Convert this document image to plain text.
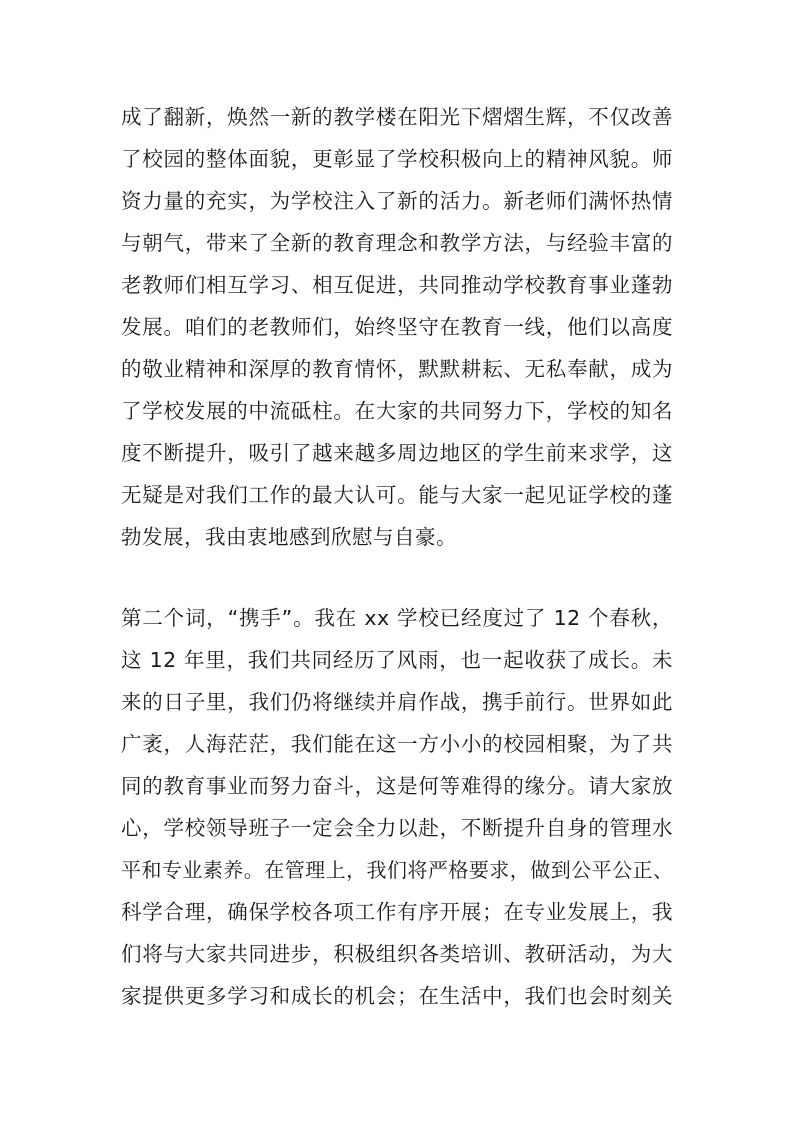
成了翻新，焕然一新的教学楼在阳光下熠熠生辉，不仅改善
了校园的整体面貌，更彰显了学校积极向上的精神风貌。师
资力量的充实，为学校注入了新的活力。新老师们满怀热情
与朝气，带来了全新的教育理念和教学方法，与经验丰富的
老教师们相互学习、相互促进，共同推动学校教育事业蓬勃
发展。咱们的老教师们，始终坚守在教育一线，他们以高度
的敬业精神和深厚的教育情怀，默默耕耘、无私奉献，成为
了学校发展的中流砥柱。在大家的共同努力下，学校的知名
度不断提升，吸引了越来越多周边地区的学生前来求学，这
无疑是对我们工作的最大认可。能与大家一起见证学校的蓬
勃发展，我由衷地感到欣慰与自豪。
第二个词，“携手”。我在 xx 学校已经度过了 12 个春秋，
这 12 年里，我们共同经历了风雨，也一起收获了成长。未
来的日子里，我们仍将继续并肩作战，携手前行。世界如此
广袤，人海茫茫，我们能在这一方小小的校园相聚，为了共
同的教育事业而努力奋斗，这是何等难得的缘分。请大家放
心，学校领导班子一定会全力以赴，不断提升自身的管理水
平和专业素养。在管理上，我们将严格要求，做到公平公正、
科学合理，确保学校各项工作有序开展；在专业发展上，我
们将与大家共同进步，积极组织各类培训、教研活动，为大
家提供更多学习和成长的机会；在生活中，我们也会时刻关
